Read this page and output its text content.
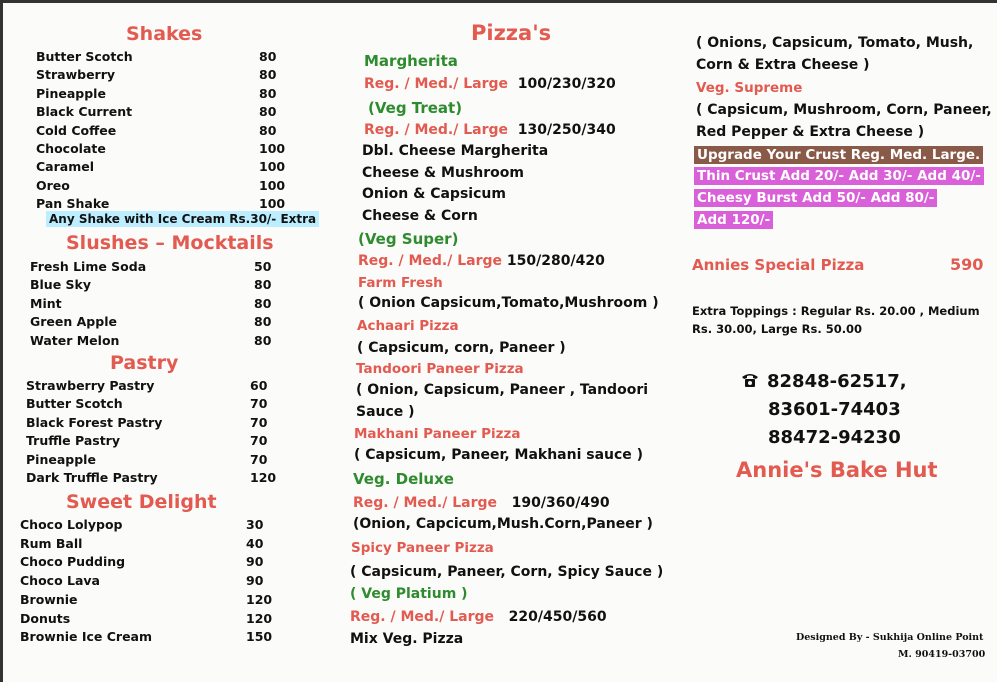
Shakes
Butter Scotch	80
Strawberry	80
Pineapple	80
Black Current	80
Cold Coffee	80
Chocolate	100
Caramel	100
Oreo	100
Pan Shake	100
Any Shake with Ice Cream Rs.30/- Extra
Slushes – Mocktails
Fresh Lime Soda	50
Blue Sky	80
Mint	80
Green Apple	80
Water Melon	80
Pastry
Strawberry Pastry	60
Butter Scotch	70
Black Forest Pastry	70
Truffle Pastry	70
Pineapple	70
Dark Truffle Pastry	120
Sweet Delight
Choco Lolypop	30
Rum Ball	40
Choco Pudding	90
Choco Lava	90
Brownie	120
Donuts	120
Brownie Ice Cream	150
Pizza's
Margherita
Reg. / Med./ Large 100/230/320
(Veg Treat)
Reg. / Med./ Large 130/250/340
Dbl. Cheese Margherita
Cheese & Mushroom
Onion & Capsicum
Cheese & Corn
(Veg Super)
Reg. / Med./ Large 150/280/420
Farm Fresh
( Onion Capsicum,Tomato,Mushroom )
Achaari Pizza
( Capsicum, corn, Paneer )
Tandoori Paneer Pizza
( Onion, Capsicum, Paneer , Tandoori
Sauce )
Makhani Paneer Pizza
( Capsicum, Paneer, Makhani sauce )
Veg. Deluxe
Reg. / Med./ Large 190/360/490
(Onion, Capcicum,Mush.Corn,Paneer )
Spicy Paneer Pizza
( Capsicum, Paneer, Corn, Spicy Sauce )
( Veg Platium )
Reg. / Med./ Large 220/450/560
Mix Veg. Pizza
( Onions, Capsicum, Tomato, Mush,
Corn & Extra Cheese )
Veg. Supreme
( Capsicum, Mushroom, Corn, Paneer,
Red Pepper & Extra Cheese )
Upgrade Your Crust Reg. Med. Large.
Thin Crust Add 20/- Add 30/- Add 40/-
Cheesy Burst Add 50/- Add 80/-
Add 120/-
Annies Special Pizza	590
Extra Toppings : Regular Rs. 20.00 , Medium
Rs. 30.00, Large Rs. 50.00
82848-62517,
83601-74403
88472-94230
Annie's Bake Hut
Designed By - Sukhija Online Point
M. 90419-03700
